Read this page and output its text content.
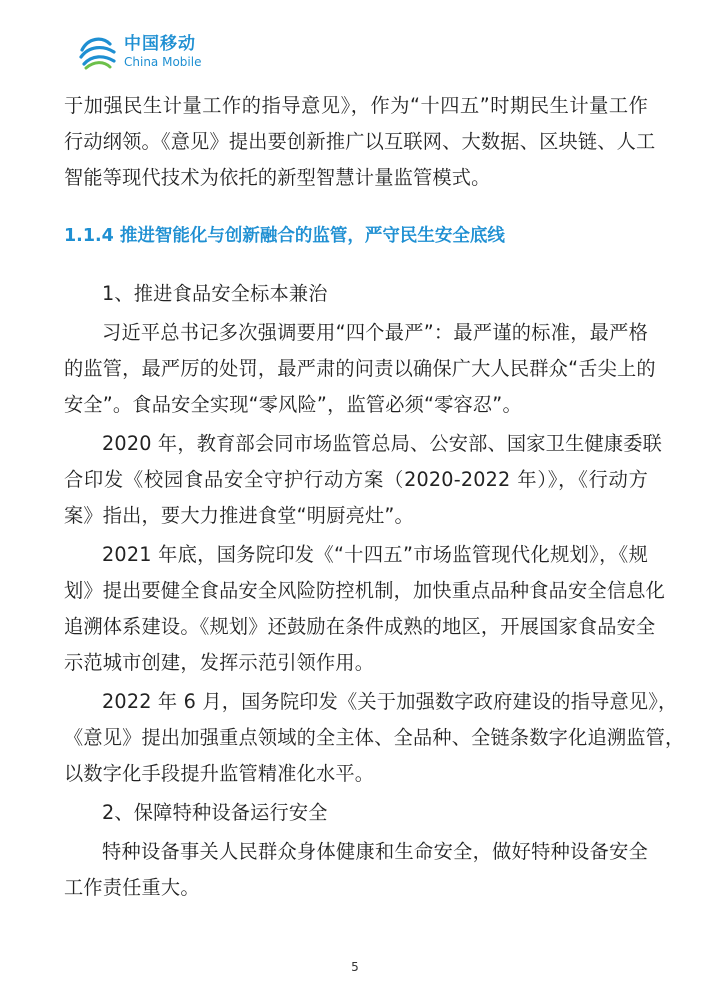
中国移动
China Mobile
于加强民生计量工作的指导意见》，作为“十四五”时期民生计量工作
行动纲领。《意见》提出要创新推广以互联网、大数据、区块链、人工
智能等现代技术为依托的新型智慧计量监管模式。
1.1.4 推进智能化与创新融合的监管，严守民生安全底线
1、推进食品安全标本兼治
习近平总书记多次强调要用“四个最严”：最严谨的标准，最严格
的监管，最严厉的处罚，最严肃的问责以确保广大人民群众“舌尖上的
安全”。食品安全实现“零风险”，监管必须“零容忍”。
2020 年，教育部会同市场监管总局、公安部、国家卫生健康委联
合印发《校园食品安全守护行动方案（2020-2022 年）》，《行动方
案》指出，要大力推进食堂“明厨亮灶”。
2021 年底，国务院印发《“十四五”市场监管现代化规划》，《规
划》提出要健全食品安全风险防控机制，加快重点品种食品安全信息化
追溯体系建设。《规划》还鼓励在条件成熟的地区，开展国家食品安全
示范城市创建，发挥示范引领作用。
2022 年 6 月，国务院印发《关于加强数字政府建设的指导意见》，
《意见》提出加强重点领域的全主体、全品种、全链条数字化追溯监管，
以数字化手段提升监管精准化水平。
2、保障特种设备运行安全
特种设备事关人民群众身体健康和生命安全，做好特种设备安全
工作责任重大。
5
